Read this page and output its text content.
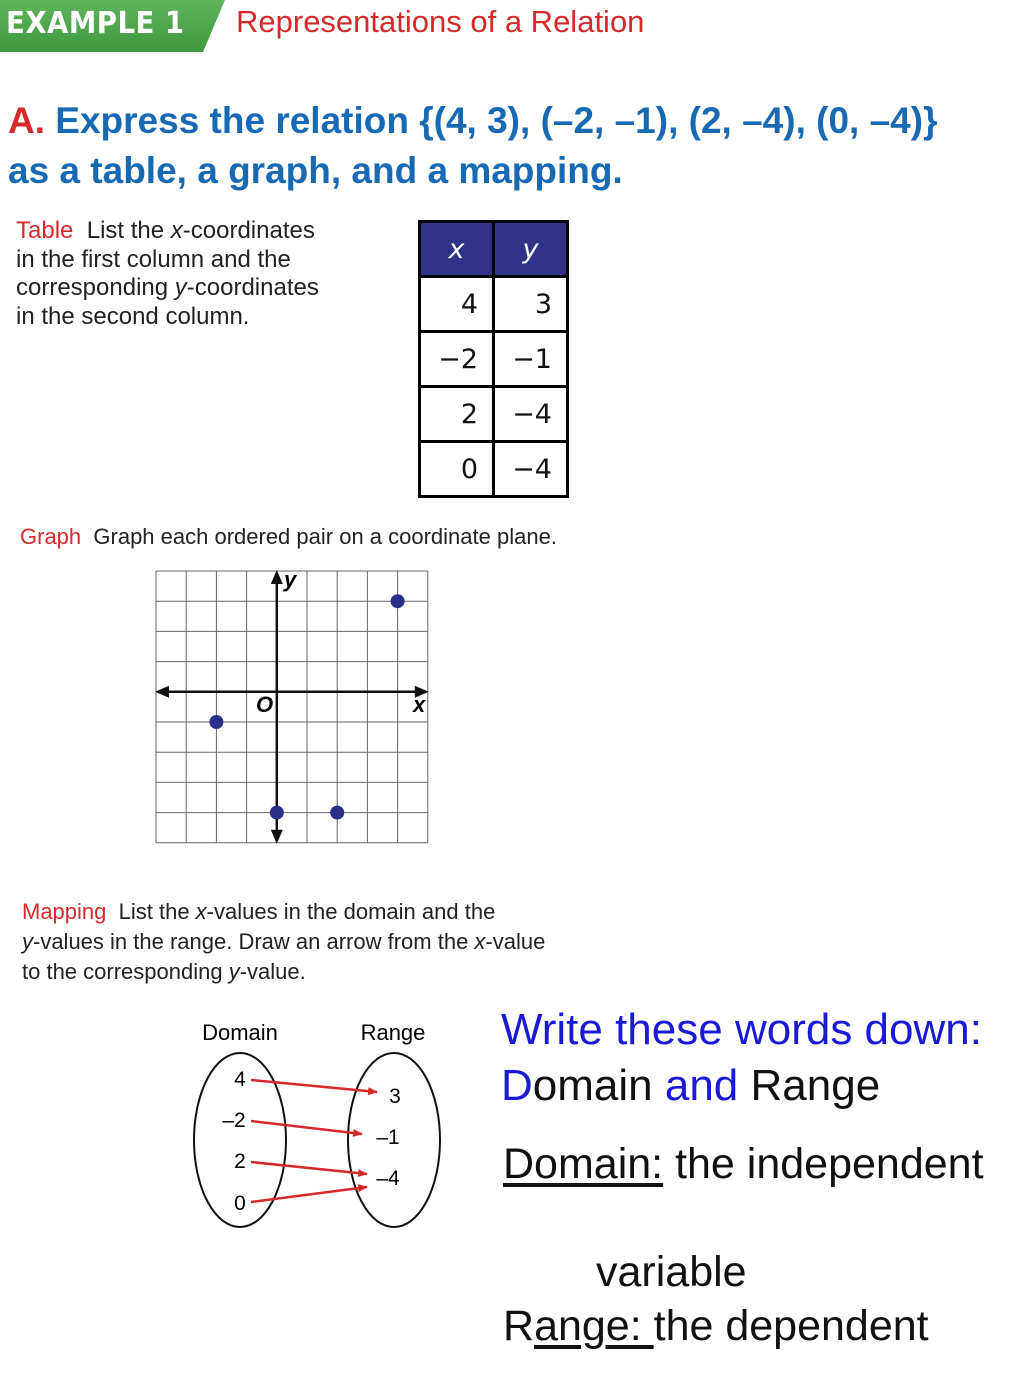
EXAMPLE 1 Representations of a Relation
A. Express the relation {(4, 3), (–2, –1), (2, –4), (0, –4)}
as a table, a graph, and a mapping.
Table List the x-coordinates
in the first column and the
corresponding y-coordinates
in the second column.
x	y
4	3
−2	−1
2	−4
0	−4
Graph Graph each ordered pair on a coordinate plane.
y
x
O
Mapping List the x-values in the domain and the
y-values in the range. Draw an arrow from the x-value
to the corresponding y-value.
Domain	Range
4
–2
2
0
3
–1
–4
Write these words down:
Domain and Range
Domain: the independent
variable
Range: the dependent
